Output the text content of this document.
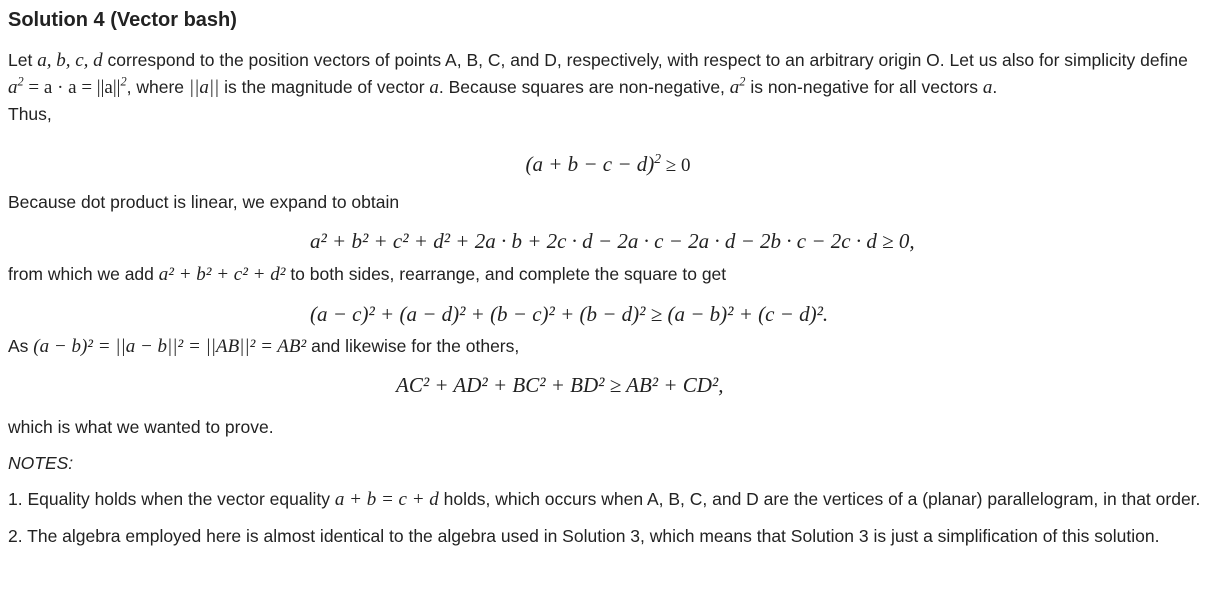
Solution 4 (Vector bash)

Let a, b, c, d correspond to the position vectors of points A, B, C, and D, respectively, with respect to an arbitrary origin O. Let us also for simplicity define $a^2 = a \cdot a = ||a||^2$, where ||a|| is the magnitude of vector a. Because squares are non-negative, $a^2$ is non-negative for all vectors a.
Thus,

$(a + b - c - d)^2 \ge 0$

Because dot product is linear, we expand to obtain

a² + b² + c² + d² + 2a · b + 2c · d − 2a · c − 2a · d − 2b · c − 2c · d ≥ 0,

from which we add a² + b² + c² + d² to both sides, rearrange, and complete the square to get

(a − c)² + (a − d)² + (b − c)² + (b − d)² ≥ (a − b)² + (c − d)².

As (a − b)² = ||a − b||² = ||AB||² = AB² and likewise for the others,

AC² + AD² + BC² + BD² ≥ AB² + CD²,

which is what we wanted to prove.

NOTES:

1. Equality holds when the vector equality a + b = c + d holds, which occurs when A, B, C, and D are the vertices of a (planar) parallelogram, in that order.

2. The algebra employed here is almost identical to the algebra used in Solution 3, which means that Solution 3 is just a simplification of this solution.
